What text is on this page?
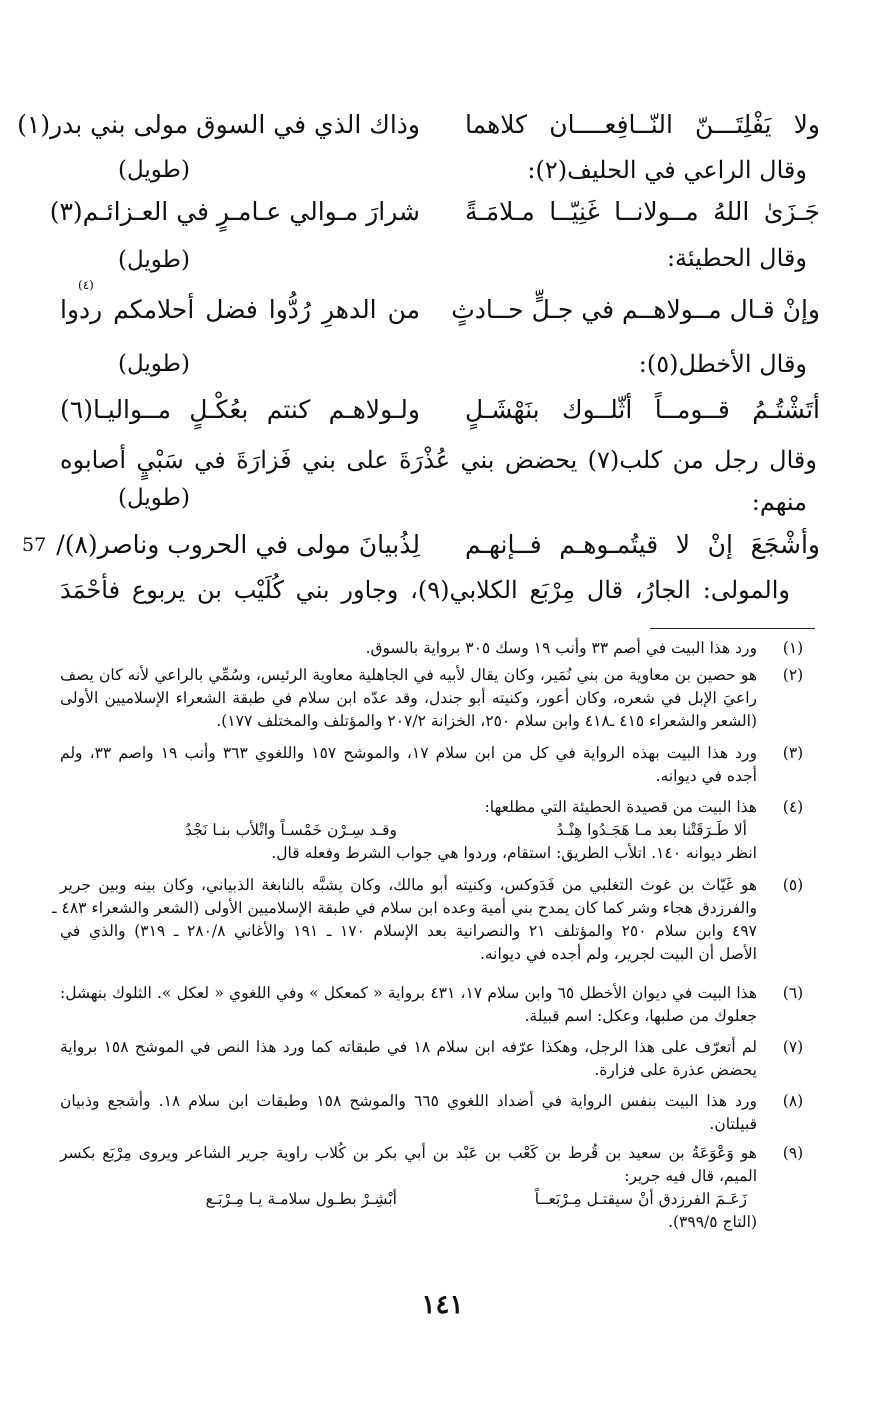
ولا يَفْلِتَـــنّ النّــافِعــــان كلاهما
وذاك الذي في السوق مولى بني بدر(١)
وقال الراعي في الحليف(٢):
(طويل)
جَـزَىٰ اللهُ مــولانــا غَنِيّــا مـلامَـةً
شرارَ مـوالي عـامـرٍ في العـزائـم(٣)
وقال الحطيئة:
(طويل)
(٤)
وإنْ قـال مــولاهــم في جـلٍّ حــادثٍ
من الدهرِ رُدُّوا فضل أحلامكم ردوا
وقال الأخطل(٥):
(طويل)
أتَشْتُـمُ قــومــاً أثّلــوك بنَهْشَـلٍ
ولـولاهـم كنتم بعُكْـلٍ مــواليـا(٦)
وقال رجل من كلب(٧) يحضض بني عُذْرَةَ على بني فَزارَةَ في سَبْيٍ أصابوه
منهم:
(طويل)
وأشْجَعَ إنْ لا قيتُمـوهـم فــإنهـم
لِذُبيانَ مولى في الحروب وناصر(٨)/
57
والمولى: الجارُ، قال مِرْبَع الكلابي(٩)، وجاور بني كُلَيْب بن يربوع فأحْمَدَ
(١)
ورد هذا البيت في أصم ٣٣ وأنب ١٩ وسك ٣٠٥ برواية بالسوق.
(٢)
هو حصين بن معاوية من بني نُمَير، وكان يقال لأبيه في الجاهلية معاوية الرئيس، وسُمِّي بالراعي لأنه كان يصف
راعيَ الإبل في شعره، وكان أعور، وكنيته أبو جندل، وقد عدّه ابن سلام في طبقة الشعراء الإسلاميين الأولى
(الشعر والشعراء ٤١٥ ـ٤١٨ وابن سلام ٢٥٠، الخزانة ٢٠٧/٢ والمؤتلف والمختلف ١٧٧).
(٣)
ورد هذا البيت بهذه الرواية في كل من ابن سلام ١٧، والموشح ١٥٧ واللغوي ٣٦٣ وأنب ١٩ واصم ٣٣، ولم
أجده في ديوانه.
(٤)
هذا البيت من قصيدة الحطيئة التي مطلعها:
ألا طَـرَقَتْنا بعد مـا هَجَـدُوا هِنْـدُ
وقـد سِـرْن خَمْسـاً واتْلأب بنـا نَجْدُ
انظر ديوانه ١٤٠. اتلأب الطريق: استقام، وردوا هي جواب الشرط وفعله قال.
(٥)
هو غَيّاث بن غوث التغلبي من فَدَوكس، وكنيته أبو مالك، وكان يشبَّه بالنابغة الذبياني، وكان بينه وبين جرير
والفرزدق هجاء وشر كما كان يمدح بني أمية وعده ابن سلام في طبقة الإسلاميين الأولى (الشعر والشعراء ٤٨٣ ـ
٤٩٧ وابن سلام ٢٥٠ والمؤتلف ٢١ والنصرانية بعد الإسلام ١٧٠ ـ ١٩١ والأغاني ٢٨٠/٨ ـ ٣١٩) والذي في
الأصل أن البيت لجرير، ولم أجده في ديوانه.
(٦)
هذا البيت في ديوان الأخطل ٦٥ وابن سلام ١٧، ٤٣١ برواية « كمعكل » وفي اللغوي « لعكل ». الثلوك بنهشل:
جعلوك من صلبها، وعكل: اسم قبيلة.
(٧)
لم أتعرّف على هذا الرجل، وهكذا عرّفه ابن سلام ١٨ في طبقاته كما ورد هذا النص في الموشح ١٥٨ برواية
يحضض عذرة على فزارة.
(٨)
ورد هذا البيت بنفس الرواية في أضداد اللغوي ٦٦٥ والموشح ١٥٨ وطبقات ابن سلام ١٨. وأشجع وذبيان
قبيلتان.
(٩)
هو وَعْوَعَةُ بن سعيد بن قُرط بن كَعْب بن عَبْد بن أبي بكر بن كُلاب راوية جرير الشاعر ويروى مِرْبَع بكسر
الميم، قال فيه جرير:
زَعَـمَ الفرزدق أنْ سيقتـل مِـرْبَعــاً
أبْشِـرْ بطـول سلامـة يـا مِـرْبَـع
(التاج ٣٩٩/٥).
١٤١
